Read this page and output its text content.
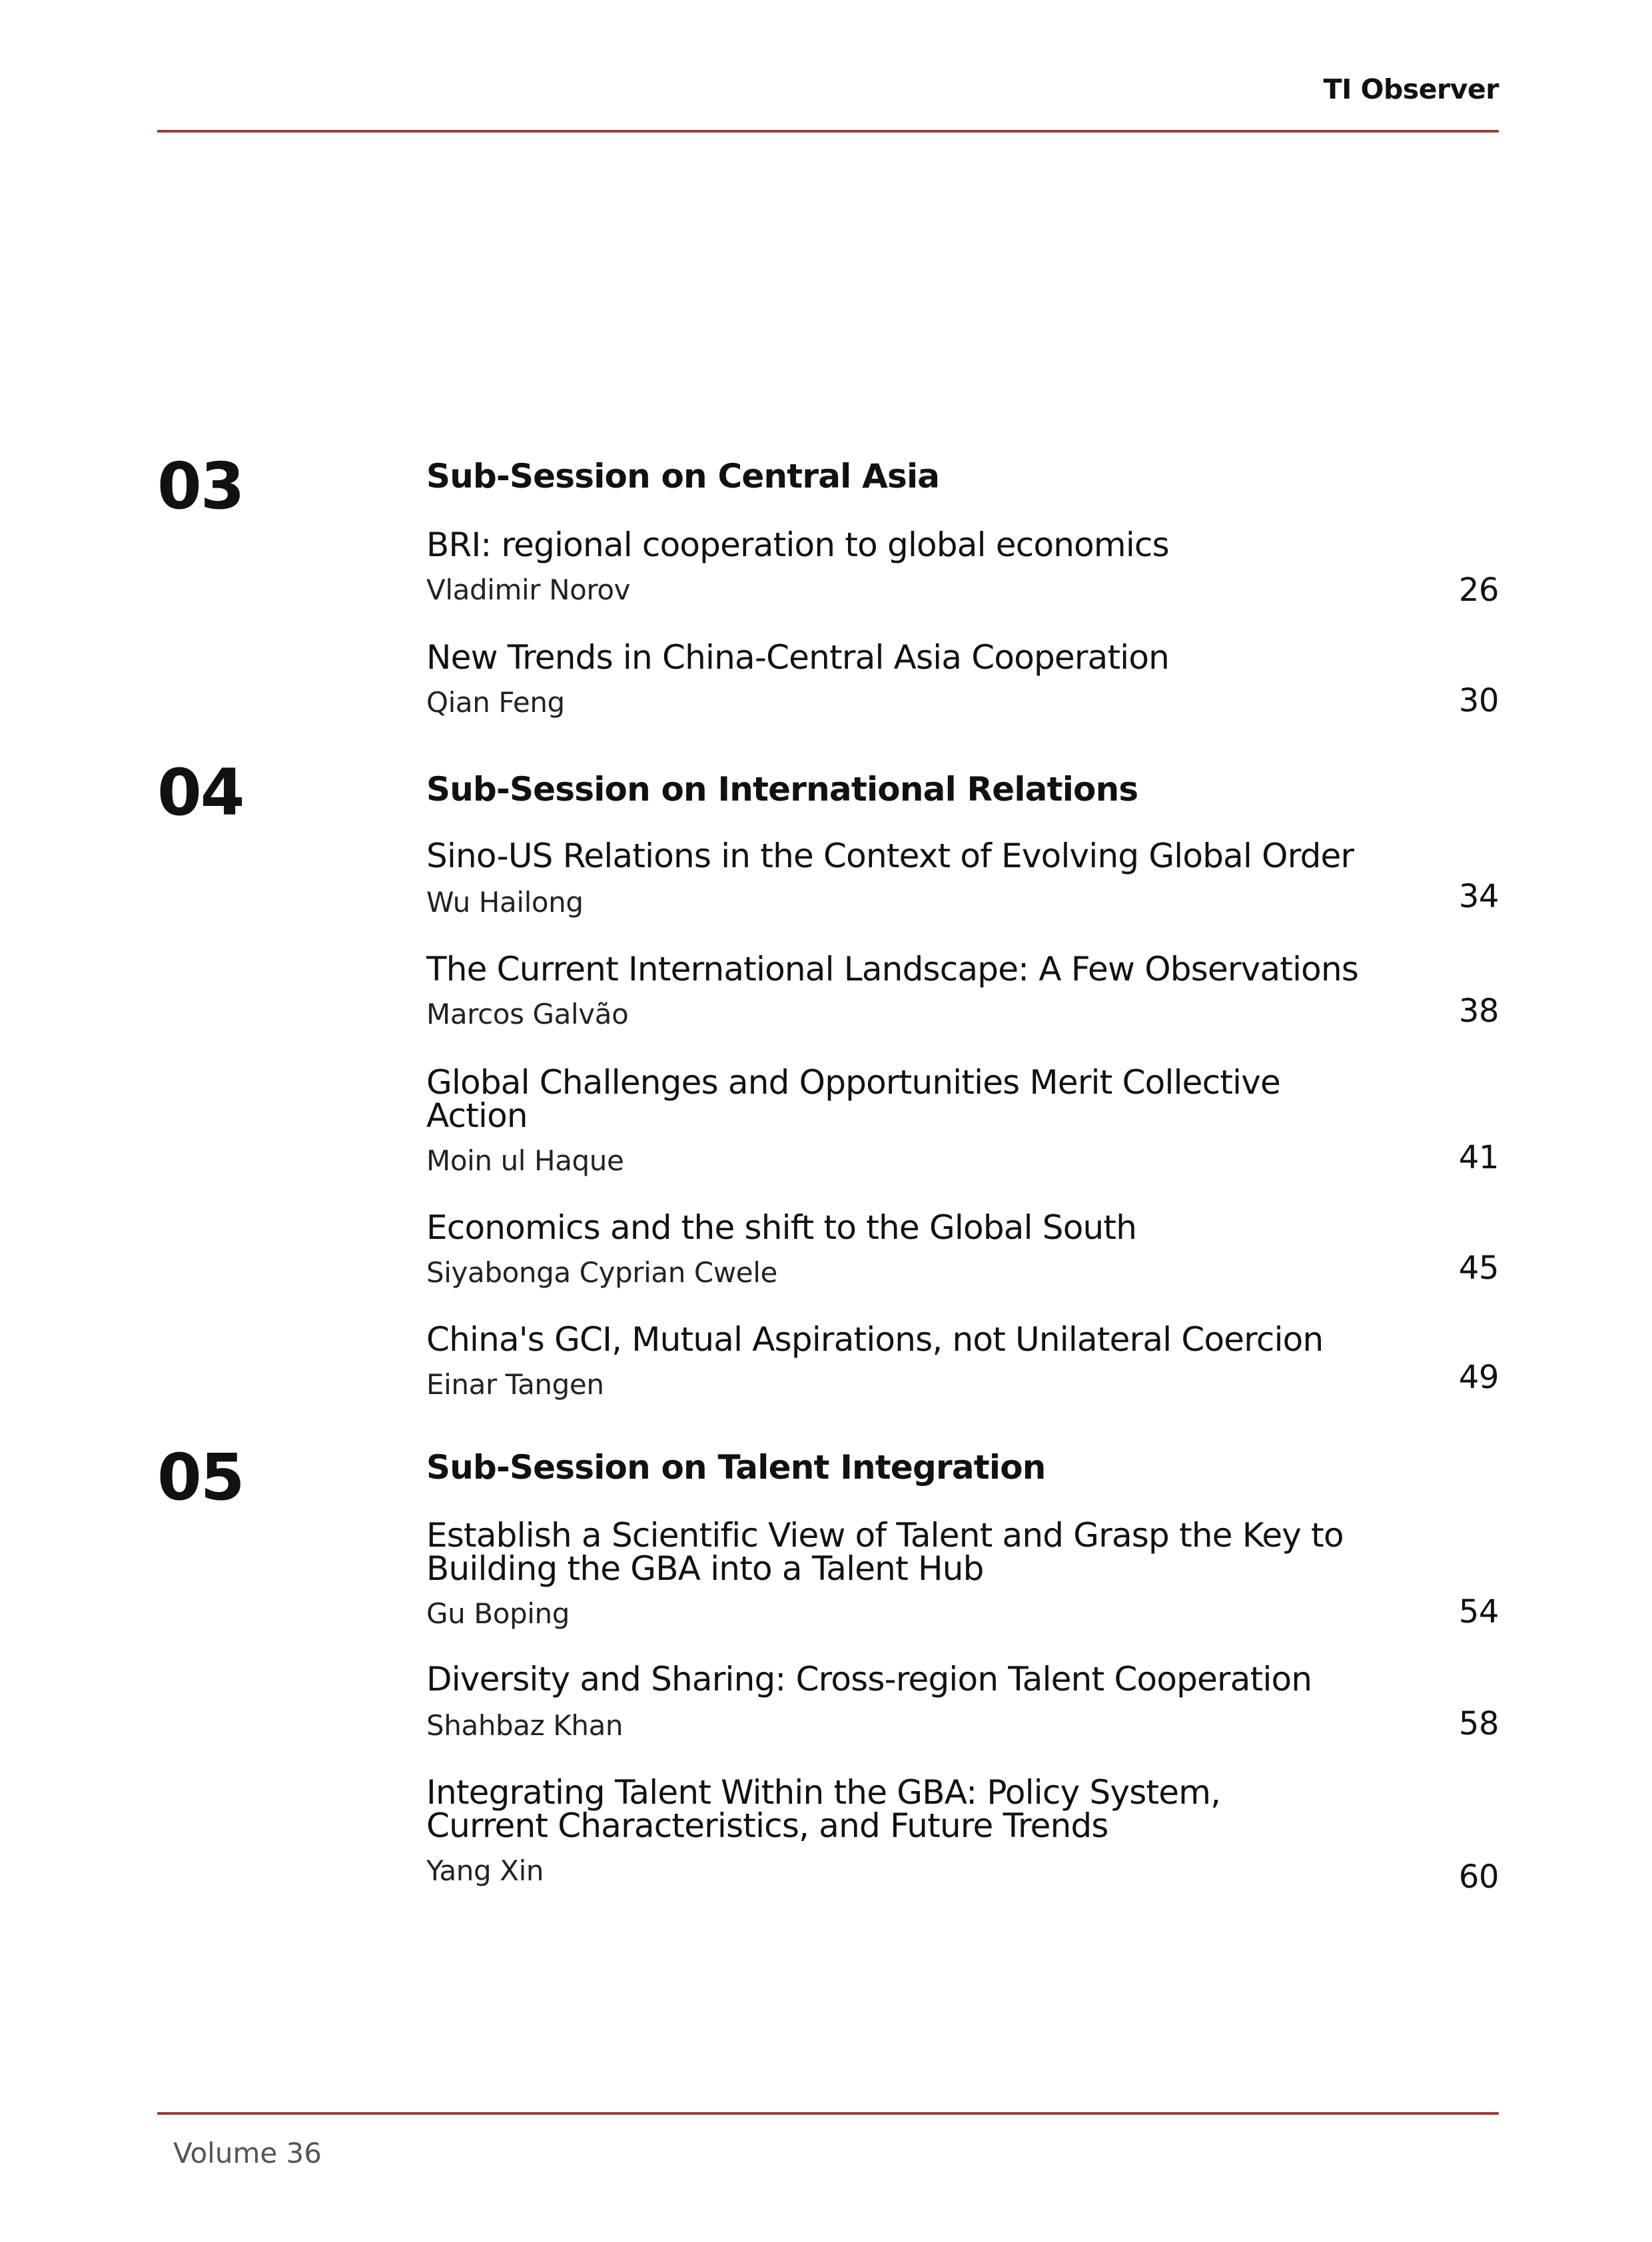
TI Observer
03	Sub-Session on Central Asia
BRI: regional cooperation to global economics
Vladimir Norov	26
New Trends in China-Central Asia Cooperation
Qian Feng	30
04	Sub-Session on International Relations
Sino-US Relations in the Context of Evolving Global Order
Wu Hailong	34
The Current International Landscape: A Few Observations
Marcos Galvão	38
Global Challenges and Opportunities Merit Collective Action
Moin ul Haque	41
Economics and the shift to the Global South
Siyabonga Cyprian Cwele	45
China's GCI, Mutual Aspirations, not Unilateral Coercion
Einar Tangen	49
05	Sub-Session on Talent Integration
Establish a Scientific View of Talent and Grasp the Key to Building the GBA into a Talent Hub
Gu Boping	54
Diversity and Sharing: Cross-region Talent Cooperation
Shahbaz Khan	58
Integrating Talent Within the GBA: Policy System, Current Characteristics, and Future Trends
Yang Xin	60
Volume 36
